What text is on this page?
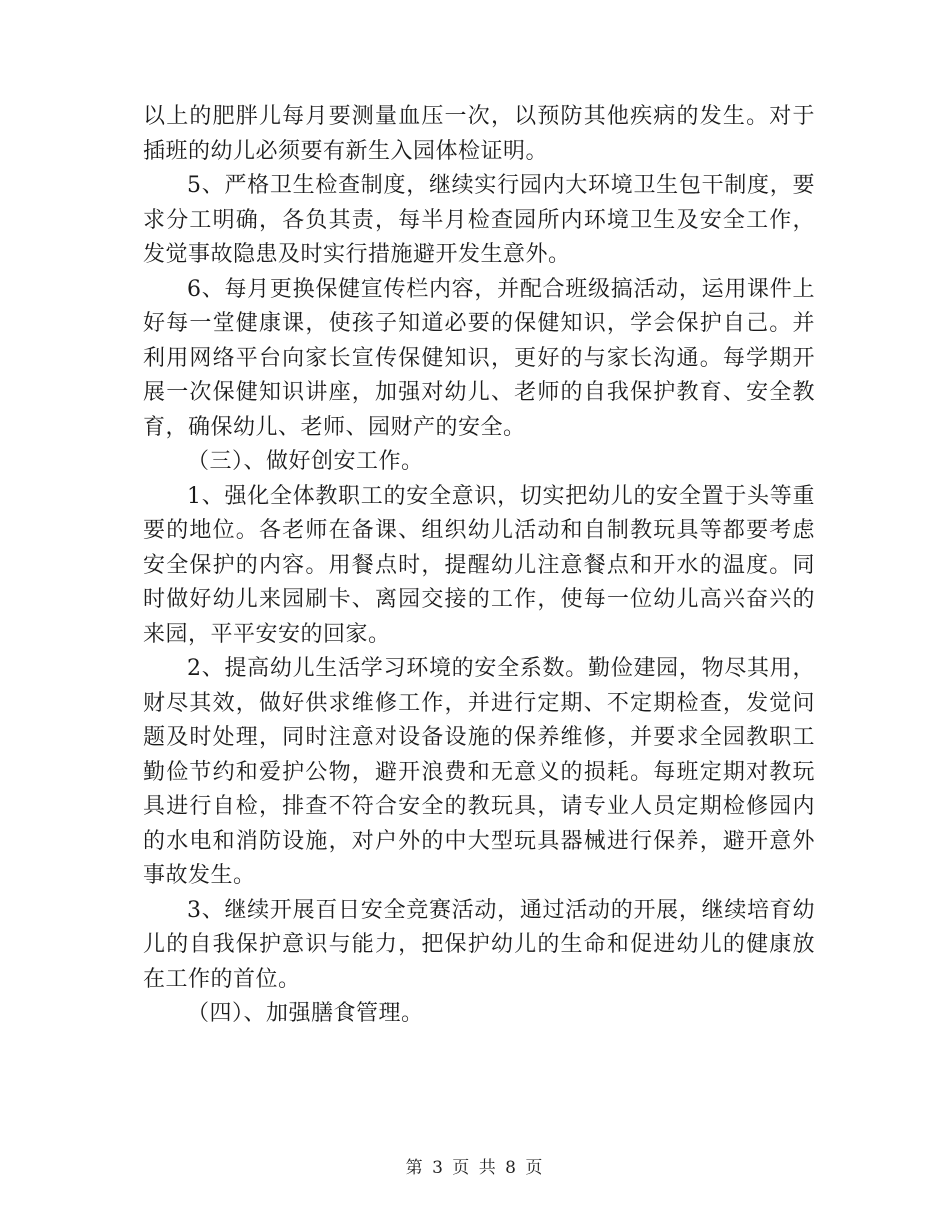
以上的肥胖儿每月要测量血压一次，以预防其他疾病的发生。对于插班的幼儿必须要有新生入园体检证明。

5、严格卫生检查制度，继续实行园内大环境卫生包干制度，要求分工明确，各负其责，每半月检查园所内环境卫生及安全工作，发觉事故隐患及时实行措施避开发生意外。

6、每月更换保健宣传栏内容，并配合班级搞活动，运用课件上好每一堂健康课，使孩子知道必要的保健知识，学会保护自己。并利用网络平台向家长宣传保健知识，更好的与家长沟通。每学期开展一次保健知识讲座，加强对幼儿、老师的自我保护教育、安全教育，确保幼儿、老师、园财产的安全。

（三）、做好创安工作。

1、强化全体教职工的安全意识，切实把幼儿的安全置于头等重要的地位。各老师在备课、组织幼儿活动和自制教玩具等都要考虑安全保护的内容。用餐点时，提醒幼儿注意餐点和开水的温度。同时做好幼儿来园刷卡、离园交接的工作，使每一位幼儿高兴奋兴的来园，平平安安的回家。

2、提高幼儿生活学习环境的安全系数。勤俭建园，物尽其用，财尽其效，做好供求维修工作，并进行定期、不定期检查，发觉问题及时处理，同时注意对设备设施的保养维修，并要求全园教职工勤俭节约和爱护公物，避开浪费和无意义的损耗。每班定期对教玩具进行自检，排查不符合安全的教玩具，请专业人员定期检修园内的水电和消防设施，对户外的中大型玩具器械进行保养，避开意外事故发生。

3、继续开展百日安全竞赛活动，通过活动的开展，继续培育幼儿的自我保护意识与能力，把保护幼儿的生命和促进幼儿的健康放在工作的首位。

（四）、加强膳食管理。

第 3 页 共 8 页
